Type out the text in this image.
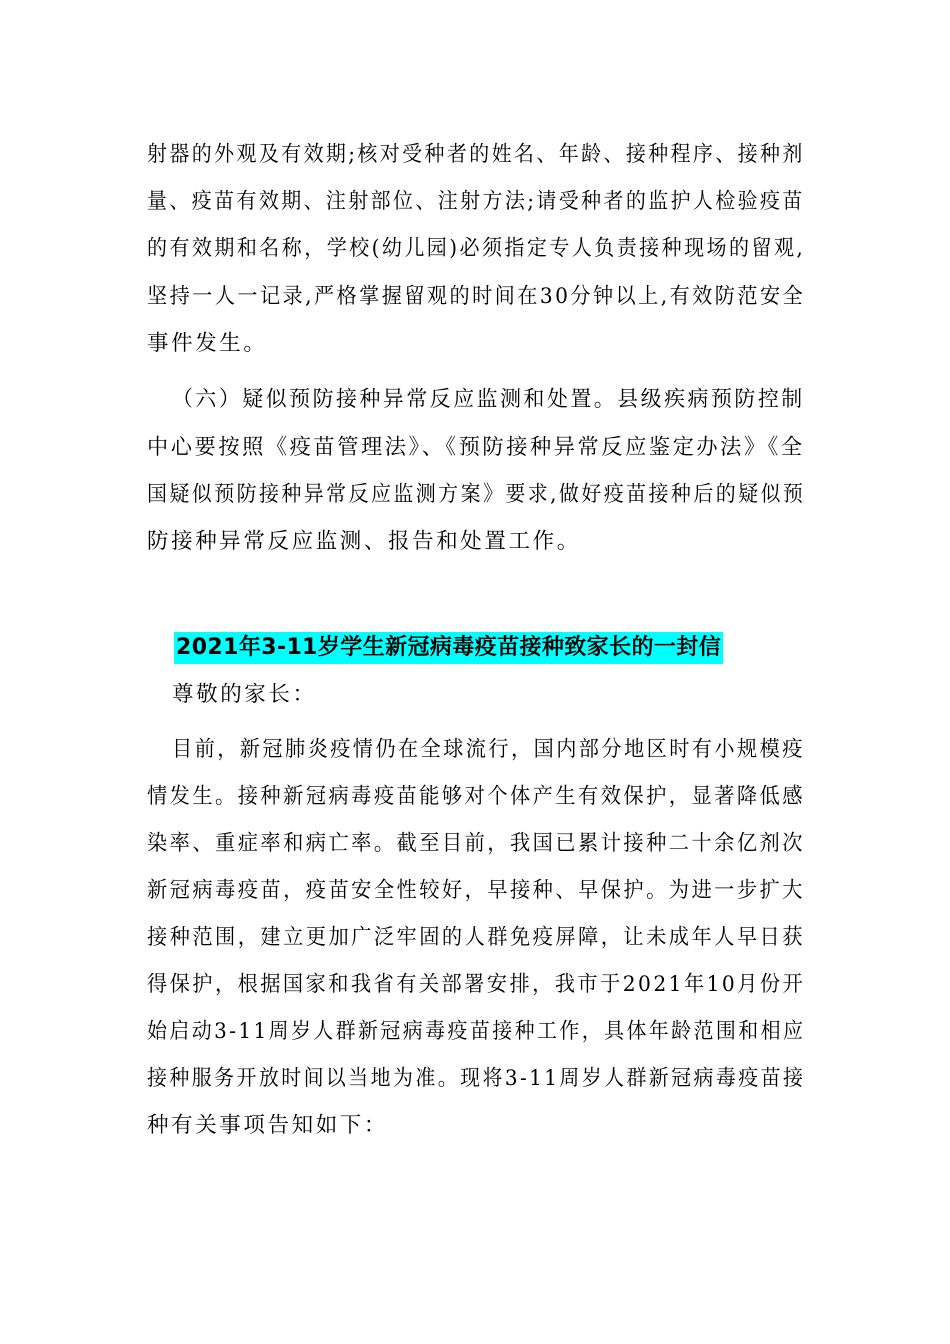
射器的外观及有效期;核对受种者的姓名、年龄、接种程序、接种剂
量、疫苗有效期、注射部位、注射方法;请受种者的监护人检验疫苗
的有效期和名称，学校(幼儿园)必须指定专人负责接种现场的留观,
坚持一人一记录,严格掌握留观的时间在30分钟以上,有效防范安全
事件发生。
（六）疑似预防接种异常反应监测和处置。县级疾病预防控制
中心要按照《疫苗管理法》、《预防接种异常反应鉴定办法》《全
国疑似预防接种异常反应监测方案》要求,做好疫苗接种后的疑似预
防接种异常反应监测、报告和处置工作。
2021年3-11岁学生新冠病毒疫苗接种致家长的一封信
尊敬的家长：
目前，新冠肺炎疫情仍在全球流行，国内部分地区时有小规模疫
情发生。接种新冠病毒疫苗能够对个体产生有效保护，显著降低感
染率、重症率和病亡率。截至目前，我国已累计接种二十余亿剂次
新冠病毒疫苗，疫苗安全性较好，早接种、早保护。为进一步扩大
接种范围，建立更加广泛牢固的人群免疫屏障，让未成年人早日获
得保护，根据国家和我省有关部署安排，我市于2021年10月份开
始启动3-11周岁人群新冠病毒疫苗接种工作，具体年龄范围和相应
接种服务开放时间以当地为准。现将3-11周岁人群新冠病毒疫苗接
种有关事项告知如下：
